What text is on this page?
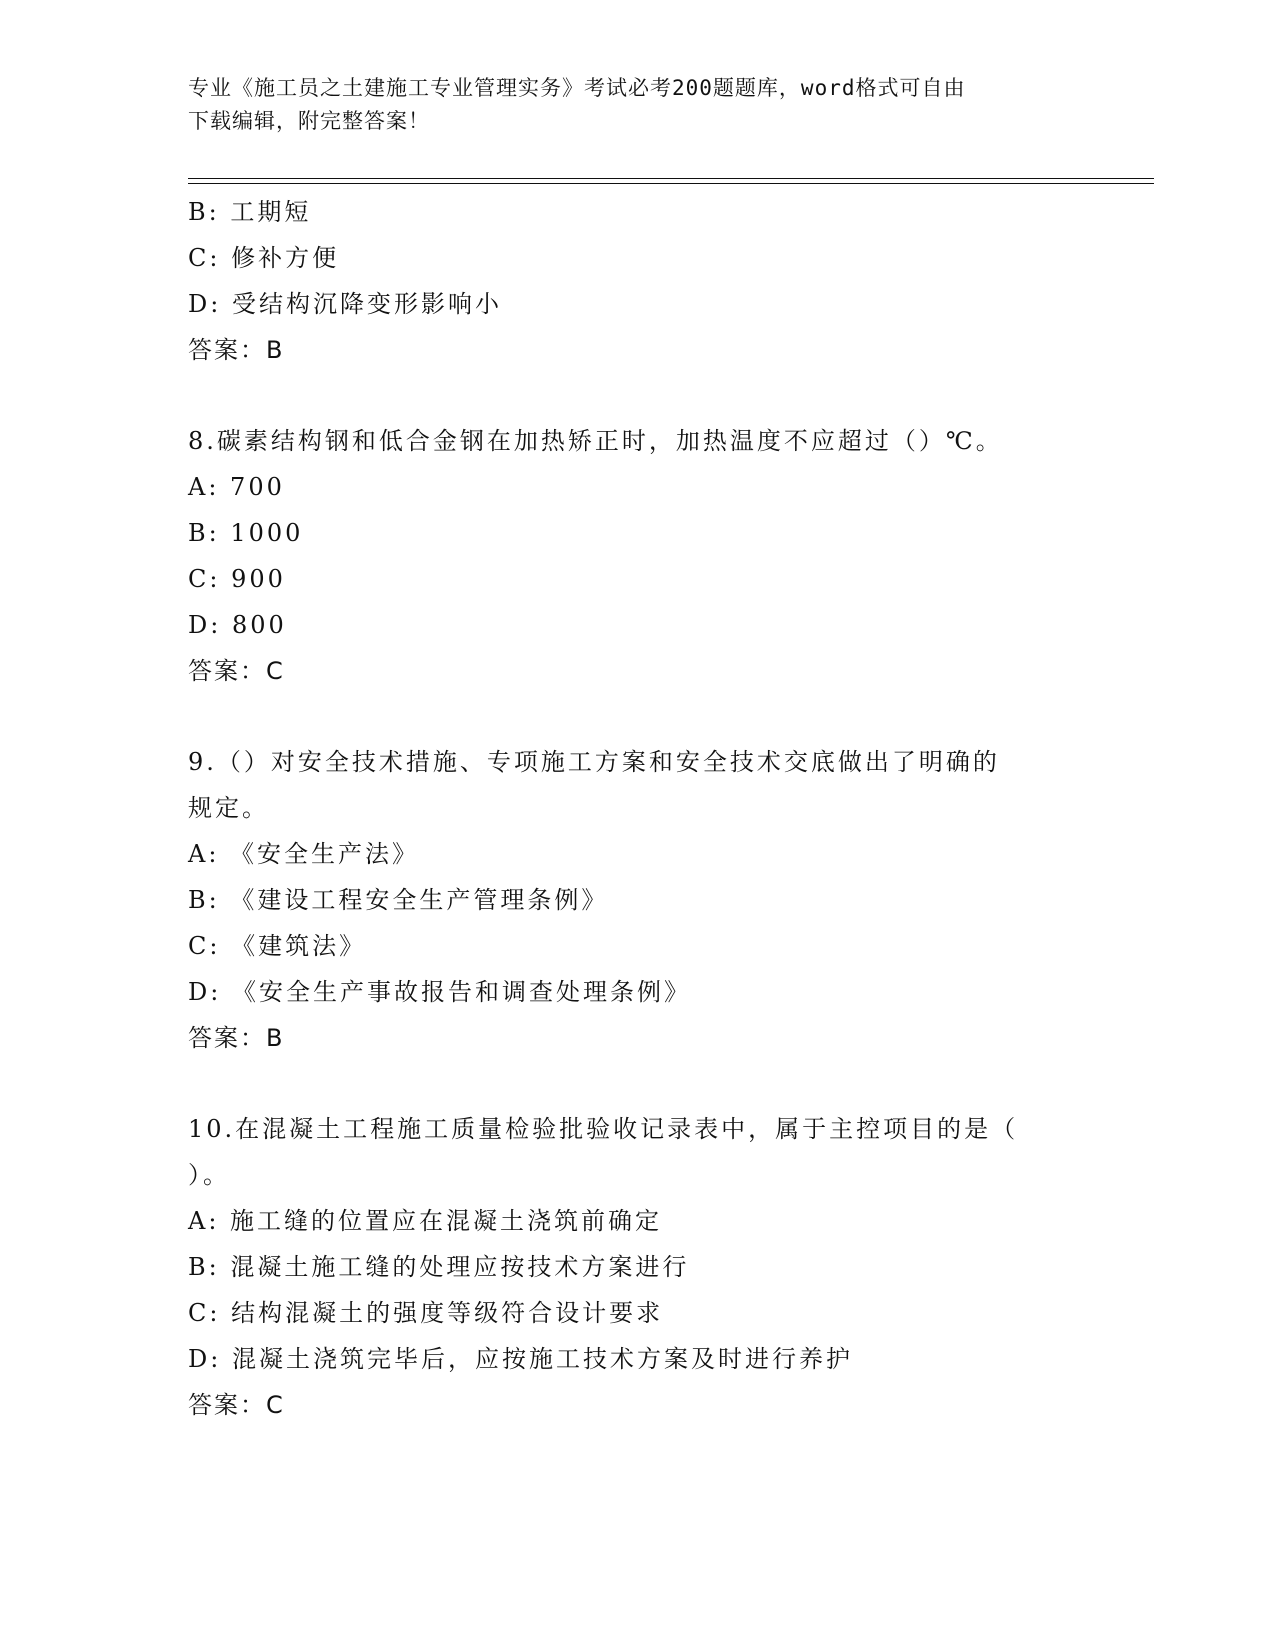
专业《施工员之土建施工专业管理实务》考试必考200题题库，word格式可自由
下载编辑，附完整答案！
B: 工期短
C: 修补方便
D: 受结构沉降变形影响小
答案：B
8.碳素结构钢和低合金钢在加热矫正时，加热温度不应超过（）℃。
A: 700
B: 1000
C: 900
D: 800
答案：C
9.（）对安全技术措施、专项施工方案和安全技术交底做出了明确的
规定。
A: 《安全生产法》
B: 《建设工程安全生产管理条例》
C: 《建筑法》
D: 《安全生产事故报告和调查处理条例》
答案：B
10.在混凝土工程施工质量检验批验收记录表中，属于主控项目的是（
）。
A: 施工缝的位置应在混凝土浇筑前确定
B: 混凝土施工缝的处理应按技术方案进行
C: 结构混凝土的强度等级符合设计要求
D: 混凝土浇筑完毕后，应按施工技术方案及时进行养护
答案：C
